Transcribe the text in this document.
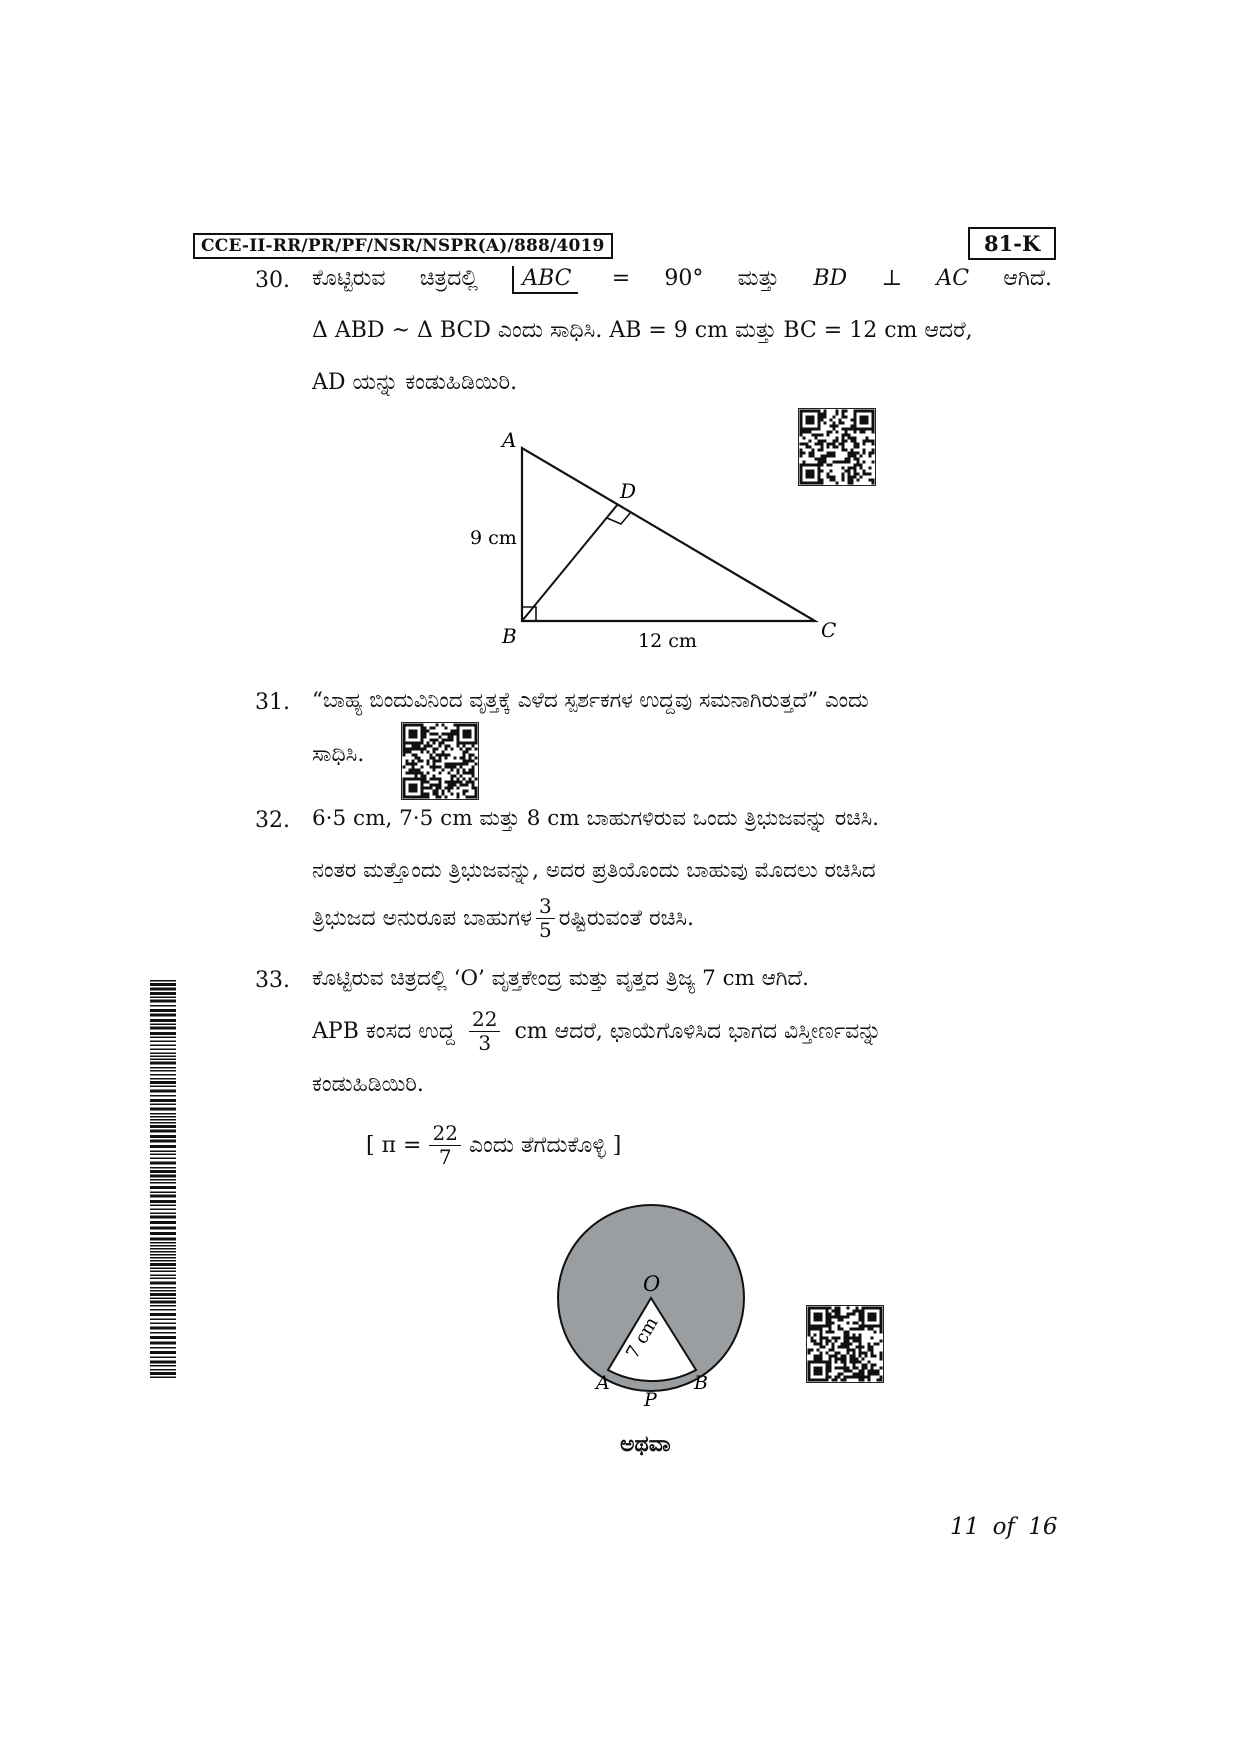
CCE-II-RR/PR/PF/NSR/NSPR(A)/888/4019	81-K
30. ಕೊಟ್ಟಿರುವ ಚಿತ್ರದಲ್ಲಿ	ABC = 90° ಮತ್ತು BD ⊥ AC ಆಗಿದೆ.
Δ ABD ~ Δ BCD ಎಂದು ಸಾಧಿಸಿ. AB = 9 cm ಮತ್ತು BC = 12 cm ಆದರೆ,
AD ಯನ್ನು ಕಂಡುಹಿಡಿಯಿರಿ.
A
B	C
D
9 cm
12 cm
31. “ಬಾಹ್ಯ ಬಿಂದುವಿನಿಂದ ವೃತ್ತಕ್ಕೆ ಎಳೆದ ಸ್ಪರ್ಶಕಗಳ ಉದ್ದವು ಸಮನಾಗಿರುತ್ತದೆ” ಎಂದು
ಸಾಧಿಸಿ.
32. 6·5 cm, 7·5 cm ಮತ್ತು 8 cm ಬಾಹುಗಳಿರುವ ಒಂದು ತ್ರಿಭುಜವನ್ನು ರಚಿಸಿ.
ನಂತರ ಮತ್ತೊಂದು ತ್ರಿಭುಜವನ್ನು, ಅದರ ಪ್ರತಿಯೊಂದು ಬಾಹುವು ಮೊದಲು ರಚಿಸಿದ
ತ್ರಿಭುಜದ ಅನುರೂಪ ಬಾಹುಗಳ $\frac{3}{5}$ ರಷ್ಟಿರುವಂತೆ ರಚಿಸಿ.
33. ಕೊಟ್ಟಿರುವ ಚಿತ್ರದಲ್ಲಿ ‘O’ ವೃತ್ತಕೇಂದ್ರ ಮತ್ತು ವೃತ್ತದ ತ್ರಿಜ್ಯ 7 cm ಆಗಿದೆ.
APB ಕಂಸದ ಉದ್ದ $\frac{22}{3}$ cm ಆದರೆ, ಛಾಯೆಗೊಳಿಸಿದ ಭಾಗದ ವಿಸ್ತೀರ್ಣವನ್ನು
ಕಂಡುಹಿಡಿಯಿರಿ.
[ $\pi = \frac{22}{7}$ ಎಂದು ತೆಗೆದುಕೊಳ್ಳಿ ]
O
A	B
P
7 cm
ಅಥವಾ
11 of 16
